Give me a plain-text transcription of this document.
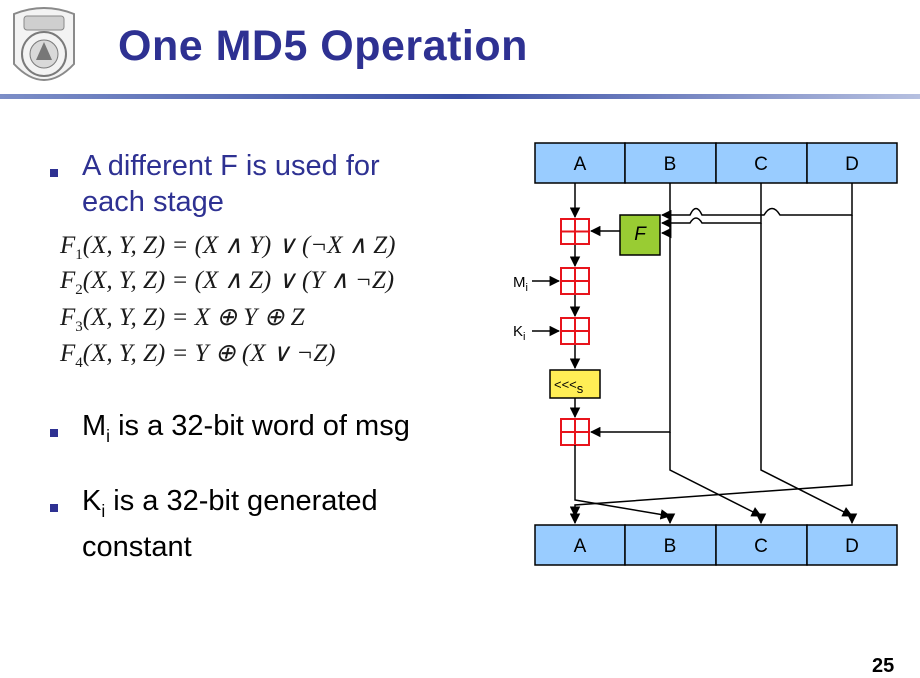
One MD5 Operation
A different F is used for each stage
$F_1(X$, Y, Z) = (X ∧ Y) ∨ (¬X ∧ Z)
$F_2(X$, Y, Z) = (X ∧ Z) ∨ (Y ∧ ¬Z)
$F_3(X$, Y, Z) = X ⊕ Y ⊕ Z
$F_4(X$, Y, Z) = Y ⊕ (X ∨ ¬Z)
$M_i$ is a 32-bit word of msg
$K_i$ is a 32-bit generated constant
A	B	C	D
A	B	C	D
F
$M_i$
$K_i$
<<<s
25
